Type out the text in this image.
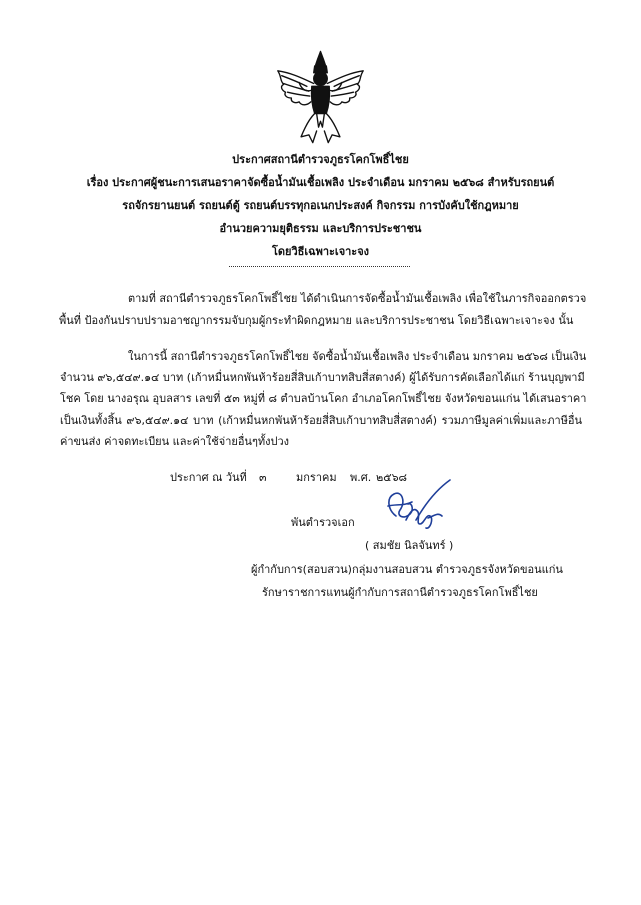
ประกาศสถานีตำรวจภูธรโคกโพธิ์ไชย
เรื่อง ประกาศผู้ชนะการเสนอราคาจัดซื้อน้ำมันเชื้อเพลิง ประจำเดือน มกราคม ๒๕๖๘ สำหรับรถยนต์
รถจักรยานยนต์ รถยนต์ตู้ รถยนต์บรรทุกอเนกประสงค์ กิจกรรม การบังคับใช้กฎหมาย
อำนวยความยุติธรรม และบริการประชาชน
โดยวิธีเฉพาะเจาะจง
ตามที่ สถานีตำรวจภูธรโคกโพธิ์ไชย ได้ดำเนินการจัดซื้อน้ำมันเชื้อเพลิง เพื่อใช้ในภารกิจออกตรวจ
พื้นที่ ป้องกันปราบปรามอาชญากรรมจับกุมผู้กระทำผิดกฎหมาย และบริการประชาชน โดยวิธีเฉพาะเจาะจง นั้น
ในการนี้ สถานีตำรวจภูธรโคกโพธิ์ไชย จัดซื้อน้ำมันเชื้อเพลิง ประจำเดือน มกราคม ๒๕๖๘ เป็นเงิน
จำนวน ๙๖,๕๔๙.๑๔ บาท (เก้าหมื่นหกพันห้าร้อยสี่สิบเก้าบาทสิบสี่สตางค์) ผู้ได้รับการคัดเลือกได้แก่ ร้านบุญพามี
โชค โดย นางอรุณ อุบลสาร เลขที่ ๕๓ หมู่ที่ ๘ ตำบลบ้านโคก อำเภอโคกโพธิ์ไชย จังหวัดขอนแก่น ได้เสนอราคา
เป็นเงินทั้งสิ้น ๙๖,๕๔๙.๑๔ บาท (เก้าหมื่นหกพันห้าร้อยสี่สิบเก้าบาทสิบสี่สตางค์) รวมภาษีมูลค่าเพิ่มและภาษีอื่น
ค่าขนส่ง ค่าจดทะเบียน และค่าใช้จ่ายอื่นๆทั้งปวง
ประกาศ ณ วันที่ ๓	มกราคม พ.ศ. ๒๕๖๘
พันตำรวจเอก
( สมชัย นิลจันทร์ )
ผู้กำกับการ(สอบสวน)กลุ่มงานสอบสวน ตำรวจภูธรจังหวัดขอนแก่น
รักษาราชการแทนผู้กำกับการสถานีตำรวจภูธรโคกโพธิ์ไชย
